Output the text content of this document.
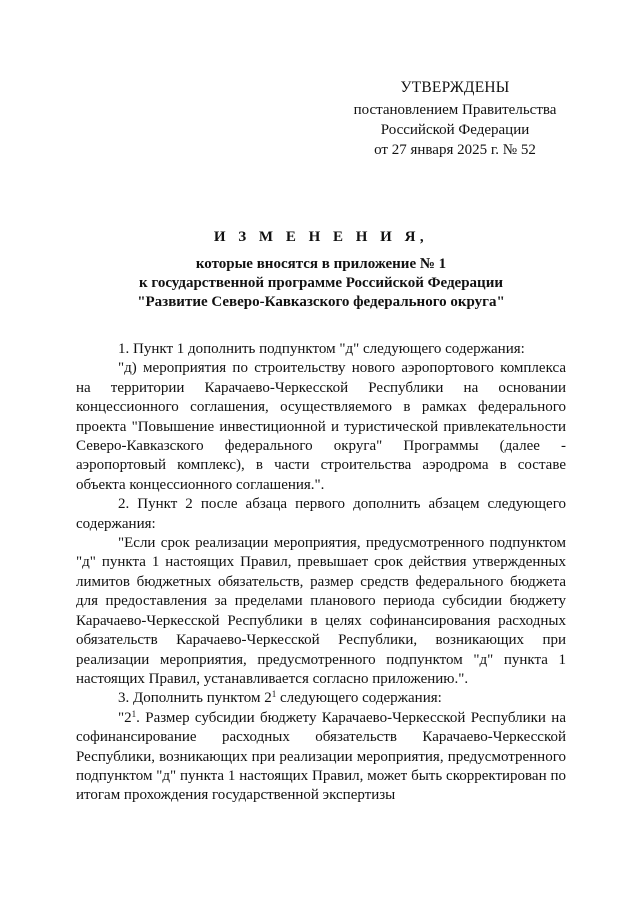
УТВЕРЖДЕНЫ
постановлением Правительства
Российской Федерации
от 27 января 2025 г. № 52
И З М Е Н Е Н И Я,
которые вносятся в приложение № 1
к государственной программе Российской Федерации
"Развитие Северо-Кавказского федерального округа"

1. Пункт 1 дополнить подпунктом "д" следующего содержания:

"д) мероприятия по строительству нового аэропортового комплекса на территории Карачаево-Черкесской Республики на основании концессионного соглашения, осуществляемого в рамках федерального проекта "Повышение инвестиционной и туристической привлекательности Северо-Кавказского федерального округа" Программы (далее - аэропортовый комплекс), в части строительства аэродрома в составе объекта концессионного соглашения.".

2. Пункт 2 после абзаца первого дополнить абзацем следующего содержания:

"Если срок реализации мероприятия, предусмотренного подпунктом "д" пункта 1 настоящих Правил, превышает срок действия утвержденных лимитов бюджетных обязательств, размер средств федерального бюджета для предоставления за пределами планового периода субсидии бюджету Карачаево-Черкесской Республики в целях софинансирования расходных обязательств Карачаево-Черкесской Республики, возникающих при реализации мероприятия, предусмотренного подпунктом "д" пункта 1 настоящих Правил, устанавливается согласно приложению.".

3. Дополнить пунктом $2^1$ следующего содержания:

"$2^1$. Размер субсидии бюджету Карачаево-Черкесской Республики на софинансирование расходных обязательств Карачаево-Черкесской Республики, возникающих при реализации мероприятия, предусмотренного подпунктом "д" пункта 1 настоящих Правил, может быть скорректирован по итогам прохождения государственной экспертизы
